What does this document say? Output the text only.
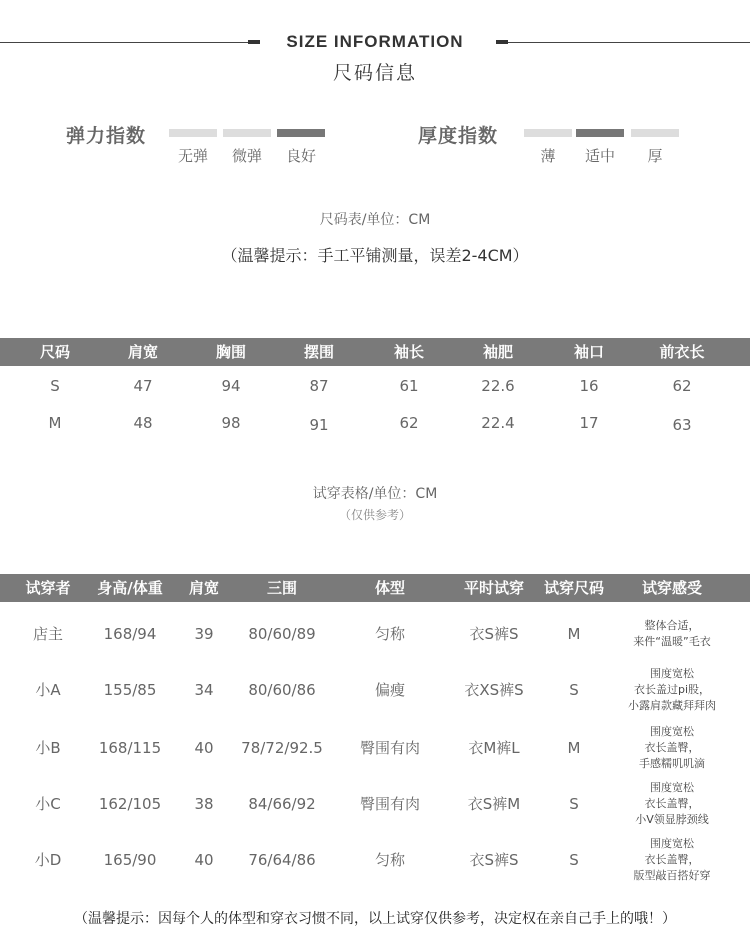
SIZE INFORMATION
尺码信息
弹力指数
无弹	微弹	良好
厚度指数
薄	适中	厚
尺码表/单位：CM
（温馨提示：手工平铺测量，误差2-4CM）
尺码	肩宽	胸围	摆围	袖长	袖肥	袖口	前衣长
S	47	94	87	61	22.6	16	62
M	48	98	91	62	22.4	17	63
试穿表格/单位：CM
（仅供参考）
试穿者	身高/体重	肩宽	三围	体型	平时试穿	试穿尺码	试穿感受
店主	168/94	39	80/60/89	匀称	衣S裤S	M	整体合适，
来件“温暖”毛衣
小A	155/85	34	80/60/86	偏瘦	衣XS裤S	S
围度宽松
衣长盖过pi股，
小露肩款藏拜拜肉
小B	168/115	40	78/72/92.5	臀围有肉	衣M裤L	M
围度宽松
衣长盖臀，
手感糯叽叽滴
小C	162/105	38	84/66/92	臀围有肉	衣S裤M	S
围度宽松
衣长盖臀，
小V领显脖颈线
小D	165/90	40	76/64/86	匀称	衣S裤S	S
围度宽松
衣长盖臀，
版型敲百搭好穿
（温馨提示：因每个人的体型和穿衣习惯不同，以上试穿仅供参考，决定权在亲自己手上的哦！）
